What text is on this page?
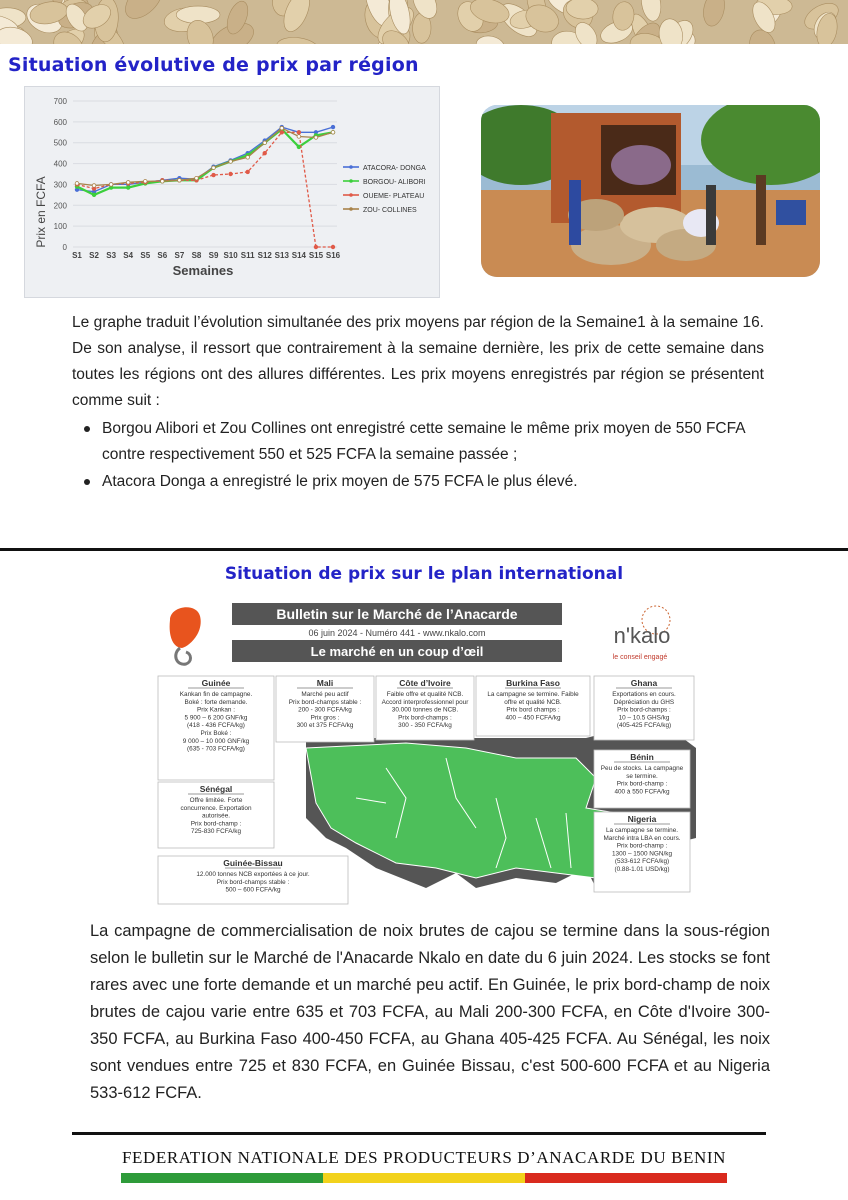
Situation évolutive de prix par région
0
100
200
300
400
500
600
700
S1 S2 S3 S4 S5 S6 S7 S8 S9 S10 S11 S12 S13 S14 S15 S16
Prix en FCFA
Semaines
ATACORA- DONGA
BORGOU- ALIBORI
OUEME- PLATEAU
ZOU- COLLINES

Le graphe traduit l’évolution simultanée des prix moyens par région de la Semaine1 à la semaine 16. De son analyse, il ressort que contrairement à la semaine dernière, les prix de cette semaine dans toutes les régions ont des allures différentes. Les prix moyens enregistrés par région se présentent comme suit :

Borgou Alibori et Zou Collines ont enregistré cette semaine le même prix moyen de 550 FCFA contre respectivement 550 et 525 FCFA la semaine passée ;
Atacora Donga a enregistré le prix moyen de 575 FCFA le plus élevé.
Situation de prix sur le plan international
Bulletin sur le Marché de l’Anacarde
06 juin 2024 - Numéro 441 - www.nkalo.com
Le marché en un coup d’œil
n'kalo
le conseil engagé
Guinée
Kankan fin de campagne.
Boké : forte demande.
Prix Kankan :
5 900 – 6 200 GNF/kg
(418 - 436 FCFA/kg)
Prix Boké :
9 000 – 10 000 GNF/kg
(635 - 703 FCFA/kg)
Mali
Marché peu actif
Prix bord-champs stable :
200 - 300 FCFA/kg
Prix gros :
300 et 375 FCFA/kg
Côte d’Ivoire
Faible offre et qualité NCB.
Accord interprofessionnel pour
30.000 tonnes de NCB.
Prix bord-champs :
300 - 350 FCFA/kg
Burkina Faso
La campagne se termine. Faible
offre et qualité NCB.
Prix bord champs :
400 – 450 FCFA/kg
Ghana
Exportations en cours.
Dépréciation du GHS
Prix bord-champs :
10 – 10.5 GHS/kg
(405-425 FCFA/kg)
Sénégal
Offre limitée. Forte
concurrence. Exportation
autorisée.
Prix bord-champ :
725-830 FCFA/kg
Bénin
Peu de stocks. La campagne
se termine.
Prix bord-champ :
400 à 550 FCFA/kg
Nigeria
La campagne se termine.
Marché intra LBA en cours.
Prix bord-champ :
1300 – 1500 NGN/kg
(533-612 FCFA/kg)
(0.88-1.01 USD/kg)
Guinée-Bissau
12.000 tonnes NCB exportées à ce jour.
Prix bord-champs stable :
500 – 600 FCFA/kg

La campagne de commercialisation de noix brutes de cajou se termine dans la sous-région selon le bulletin sur le Marché de l'Anacarde Nkalo en date du 6 juin 2024. Les stocks se font rares avec une forte demande et un marché peu actif. En Guinée, le prix bord-champ de noix brutes de cajou varie entre 635 et 703 FCFA, au Mali 200-300 FCFA, en Côte d'Ivoire 300-350 FCFA, au Burkina Faso 400-450 FCFA, au Ghana 405-425 FCFA. Au Sénégal, les noix sont vendues entre 725 et 830 FCFA, en Guinée Bissau, c'est 500-600 FCFA et au Nigeria 533-612 FCFA.

FEDERATION NATIONALE DES PRODUCTEURS D’ANACARDE DU BENIN
